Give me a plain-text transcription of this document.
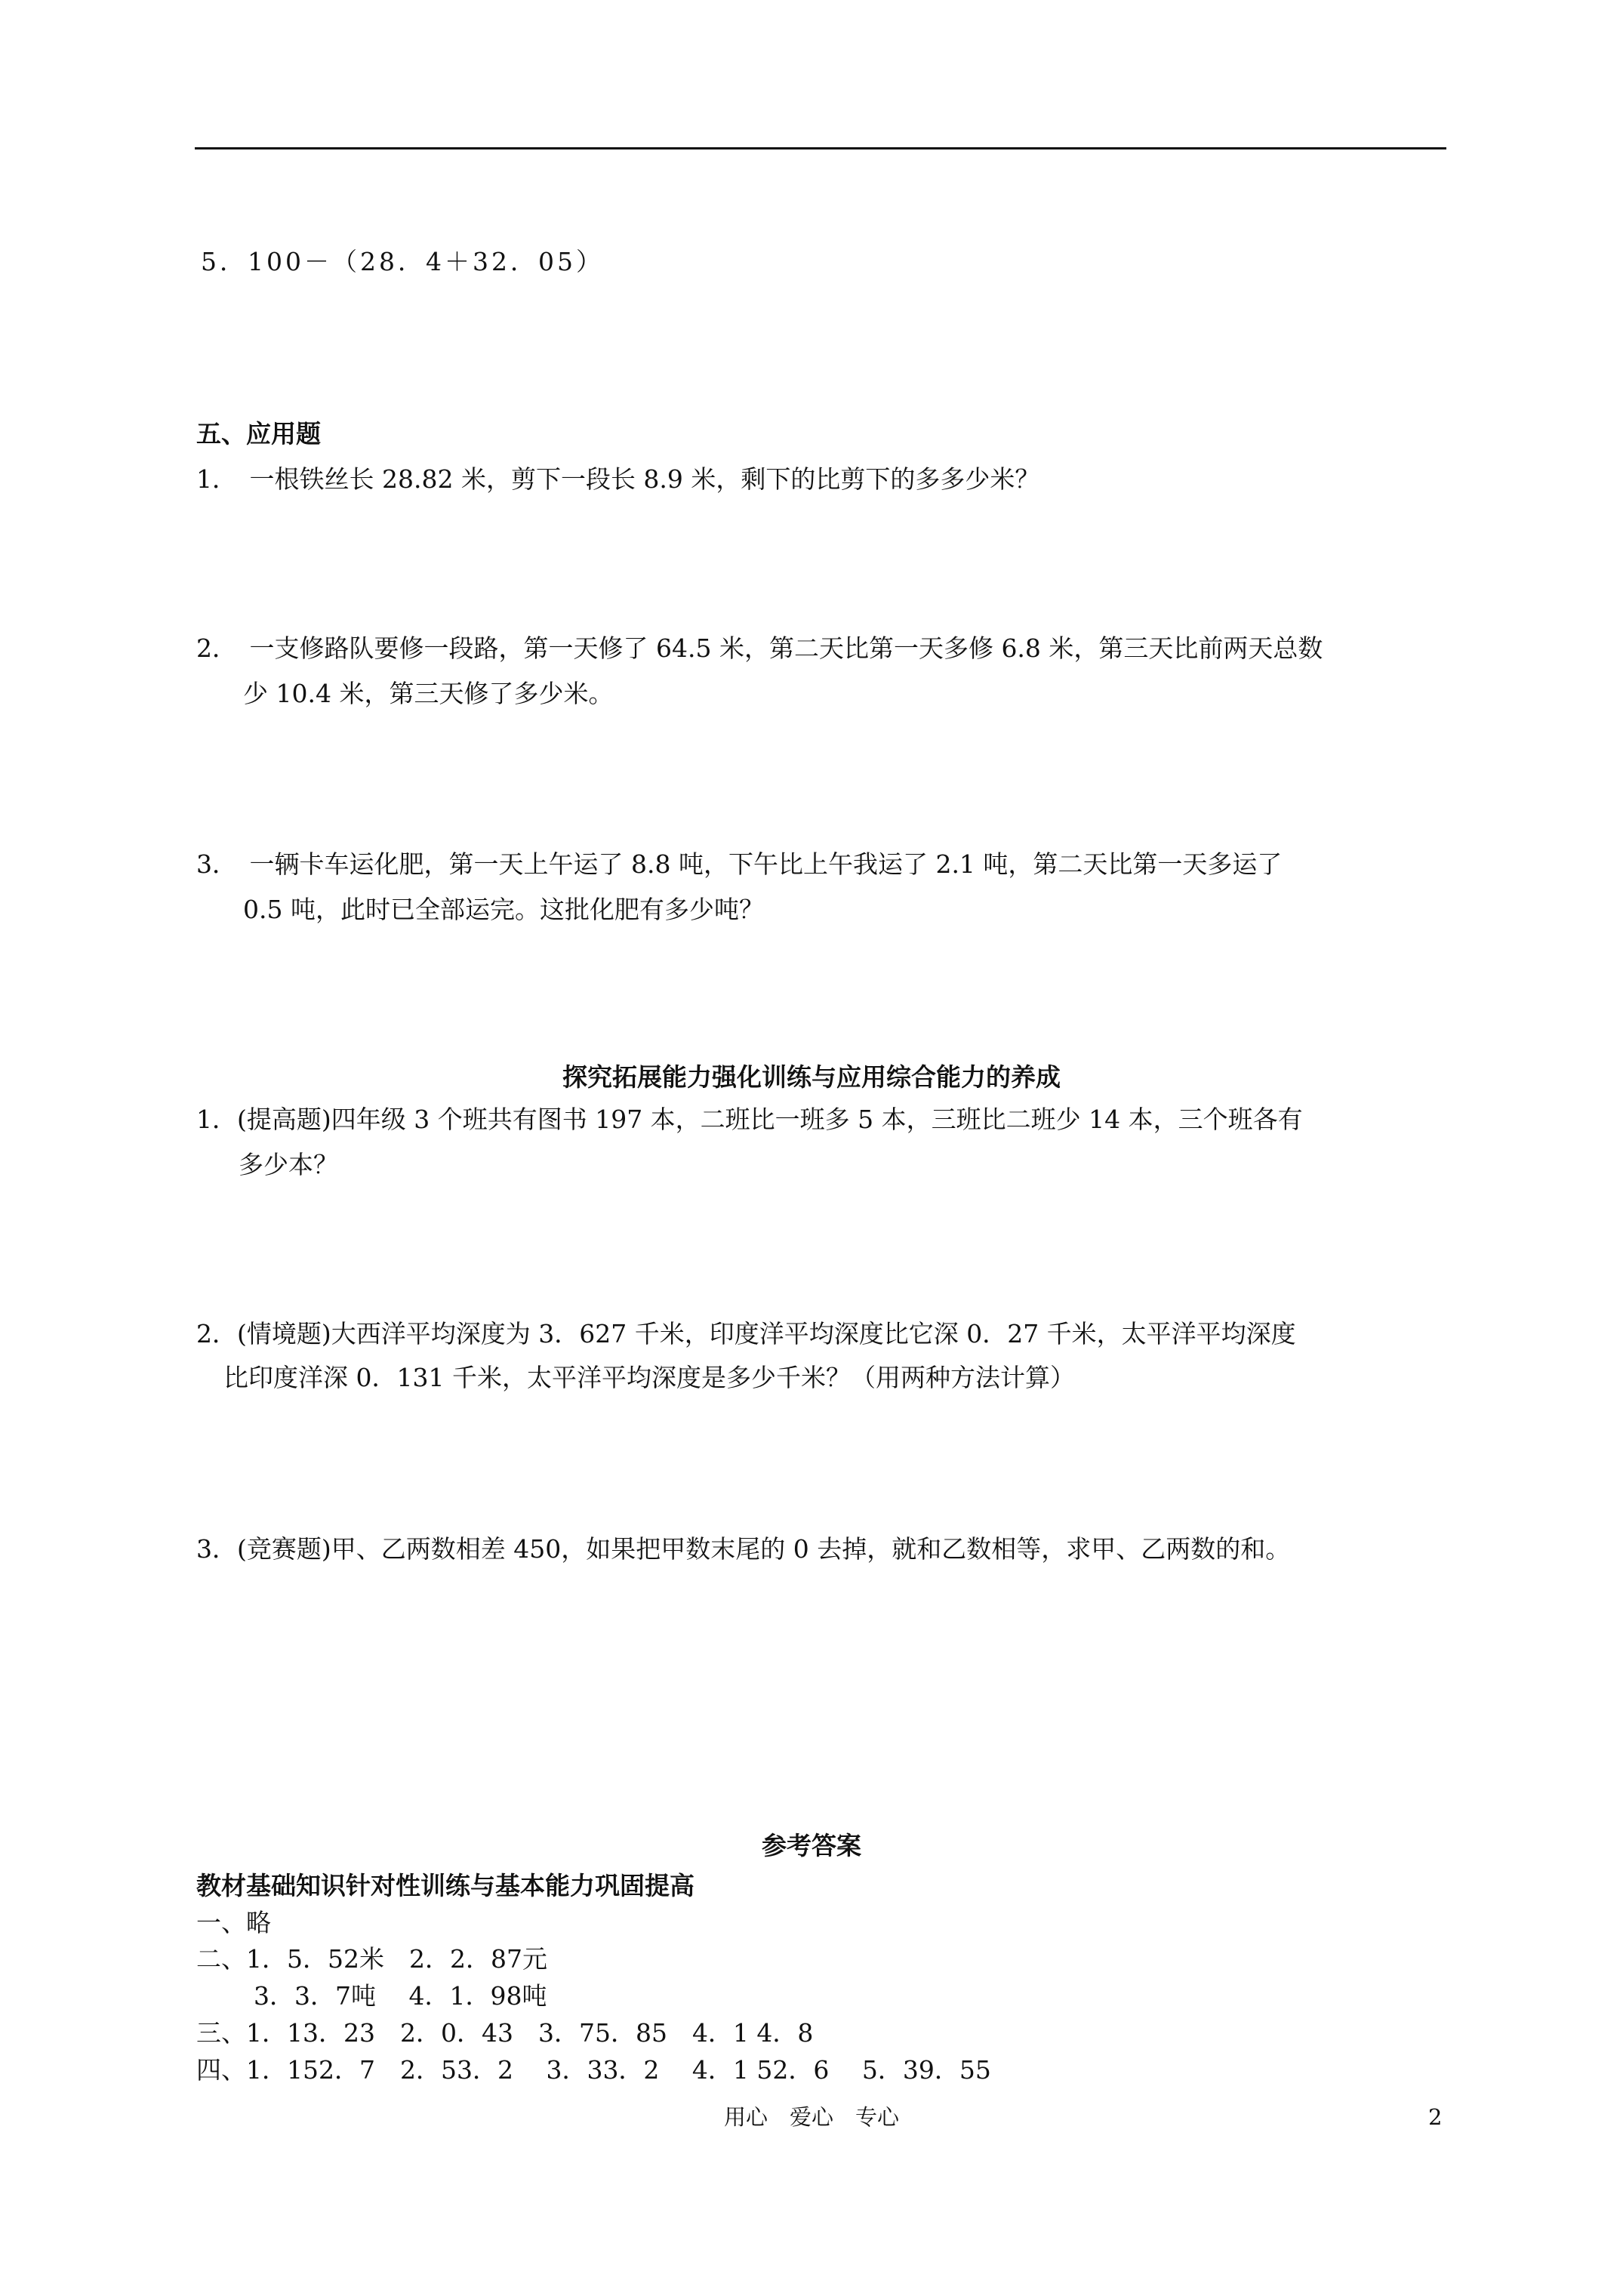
5．100－（28．4＋32．05）
五、应用题
1．　一根铁丝长 28.82 米，剪下一段长 8.9 米，剩下的比剪下的多多少米？
2．　一支修路队要修一段路，第一天修了 64.5 米，第二天比第一天多修 6.8 米，第三天比前两天总数
少 10.4 米，第三天修了多少米。
3．　一辆卡车运化肥，第一天上午运了 8.8 吨，下午比上午我运了 2.1 吨，第二天比第一天多运了
0.5 吨，此时已全部运完。这批化肥有多少吨？
探究拓展能力强化训练与应用综合能力的养成
1．(提高题)四年级 3 个班共有图书 197 本，二班比一班多 5 本，三班比二班少 14 本，三个班各有
多少本？
2．(情境题)大西洋平均深度为 3．627 千米，印度洋平均深度比它深 0．27 千米，太平洋平均深度
比印度洋深 0．131 千米，太平洋平均深度是多少千米？（用两种方法计算）
3．(竞赛题)甲、乙两数相差 450，如果把甲数末尾的 0 去掉，就和乙数相等，求甲、乙两数的和。
参考答案
教材基础知识针对性训练与基本能力巩固提高
一、略
二、1．5．52米　2．2．87元
3．3．7吨　 4．1．98吨
三、1．13．23　2．0．43　3．75．85　4．1 4．8
四、1．152．7　2．53．2　 3．33．2　 4．1 52．6　 5．39．55
用心　爱心　专心	2
